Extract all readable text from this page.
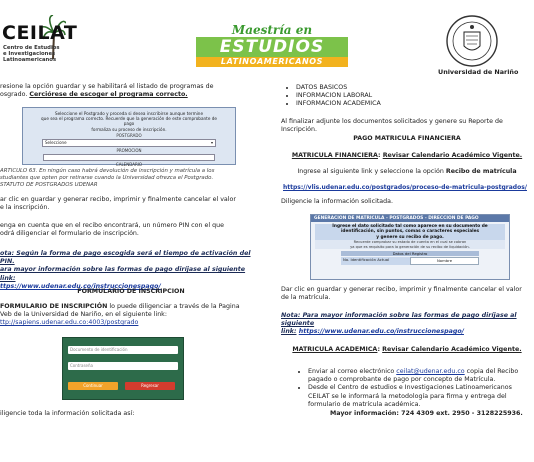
CEILAT
Centro de Estudios
e Investigaciones
Latinoamericanos
Maestría en
ESTUDIOS
LATINOAMERICANOS
Universidad de Nariño
resione la opción guardar y se habilitará el listado de programas de
osgrado. Cerciórese de escoger el programa correcto.
Seleccione el Postgrado y proceda si desea inscribirse aunque termine
que sea el programa correcto. Recuerde que la generación de este comprobante de
pago
formaliza su proceso de inscripción.
POSTGRADO
Seleccione	▾
PROMOCION
CALENDARIO
ARTICULO 63. En ningún caso habrá devolución de inscripción y matrícula a los
studiantes que opten por retirarse cuando la Universidad ofrezca el Postgrado.
STATUTO DE POSTGRADOS UDENAR
ar clic en guardar y generar recibo, imprimir y finalmente cancelar el valor
e la inscripción.
enga en cuenta que en el recibo encontrará, un número PIN con el que
odrá diligenciar el formulario de inscripción.
ota: Según la forma de pago escogida será el tiempo de activación del PIN.
ara mayor información sobre las formas de pago diríjase al siguiente link:
ttps://www.udenar.edu.co/instruccionespago/
FORMULARIO DE INSCRIPCION
FORMULARIO DE INSCRIPCIÓN lo puede diligenciar a través de la Pagina
Veb de la Universidad de Nariño, en el siguiente link:
ttp://sapiens.udenar.edu.co:4003/postgrado
Documento de identificación
Contraseña
Continuar	Regresar
iligencie toda la información solicitada así:
• DATOS BASICOS
• INFORMACION LABORAL
• INFORMACION ACADEMICA
Al finalizar adjunte los documentos solicitados y genere su Reporte de
Inscripción.
PAGO MATRICULA FINANCIERA
MATRICULA FINANCIERA: Revisar Calendario Académico Vigente.
Ingrese al siguiente link y seleccione la opción Recibo de matrícula
https://vlis.udenar.edu.co/postgrados/proceso-de-matricula-postgrados/
Diligencie la información solicitada.
GENERACION DE MATRICULA - POSTGRADOS - DIRECCION DE PAGO
Ingrese el dato solicitado tal como aparece en su documento de
identificación, sin puntos, comas o caracteres especiales
y genere su recibo de pago.
Recuerde comprobar su estado de cuenta en el cual se cobran
ya que es requisito para la generación de su recibo de liquidación.
Datos del Registro
No. Identificación Actual	Nombre
Dar clic en guardar y generar recibo, imprimir y finalmente cancelar el valor
de la matrícula.
Nota: Para mayor información sobre las formas de pago diríjase al siguiente
link: https://www.udenar.edu.co/instruccionespago/
MATRICULA ACADEMICA: Revisar Calendario Académico Vigente.
• Enviar al correo electrónico ceilat@udenar.edu.co copia del Recibo
pagado o comprobante de pago por concepto de Matrícula.
• Desde el Centro de estudios e Investigaciones Latinoamericanos
CEILAT se le informará la metodología para firma y entrega del
formulario de matrícula académica.
Mayor información: 724 4309 ext. 2950 - 3128225936.
